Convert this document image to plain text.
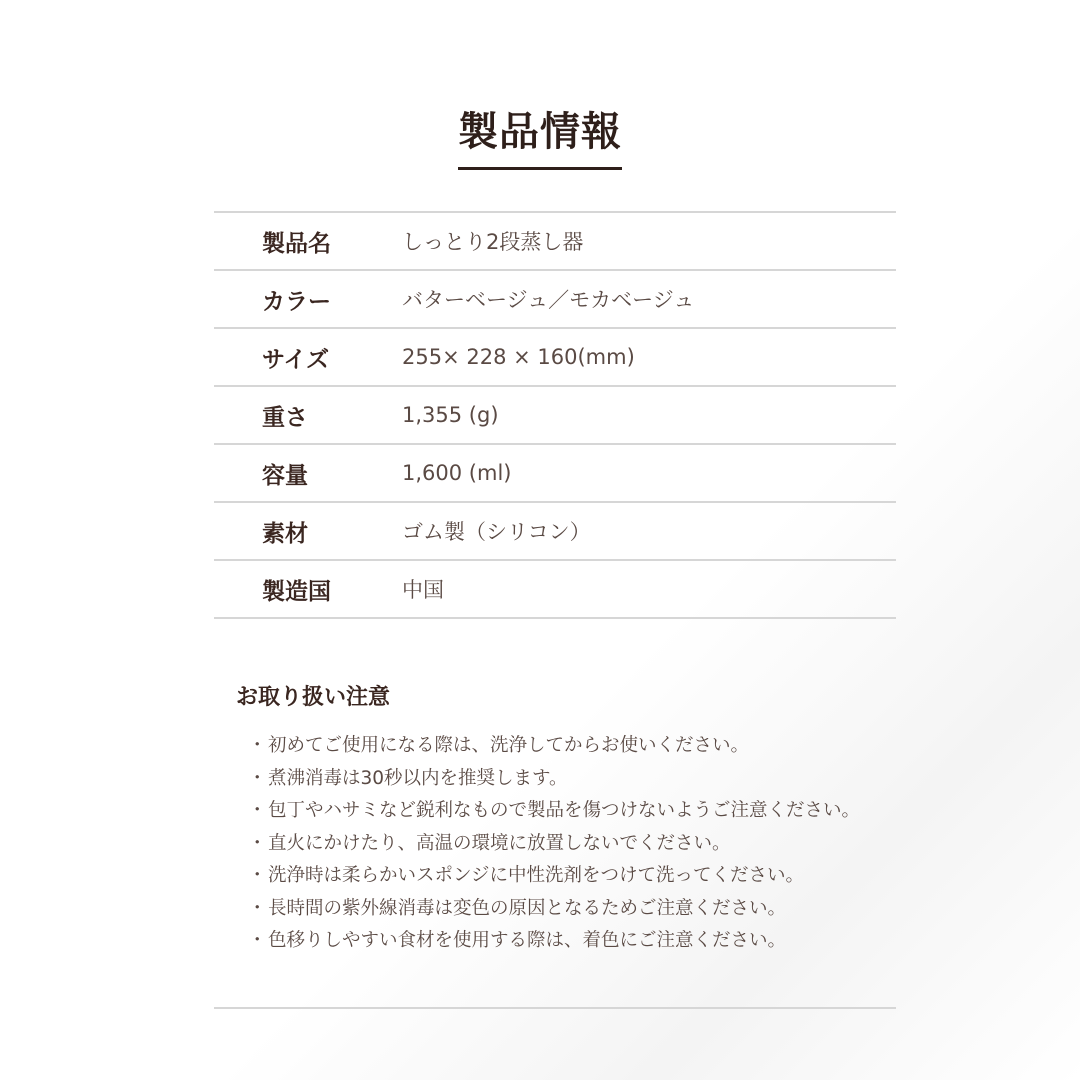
製品情報
製品名	しっとり2段蒸し器
カラー	バターベージュ／モカベージュ
サイズ	255× 228 × 160(mm)
重さ	1,355 (g)
容量	1,600 (ml)
素材	ゴム製（シリコン）
製造国	中国
お取り扱い注意
・初めてご使用になる際は、洗浄してからお使いください。
・煮沸消毒は30秒以内を推奨します。
・包丁やハサミなど鋭利なもので製品を傷つけないようご注意ください。
・直火にかけたり、高温の環境に放置しないでください。
・洗浄時は柔らかいスポンジに中性洗剤をつけて洗ってください。
・長時間の紫外線消毒は変色の原因となるためご注意ください。
・色移りしやすい食材を使用する際は、着色にご注意ください。
